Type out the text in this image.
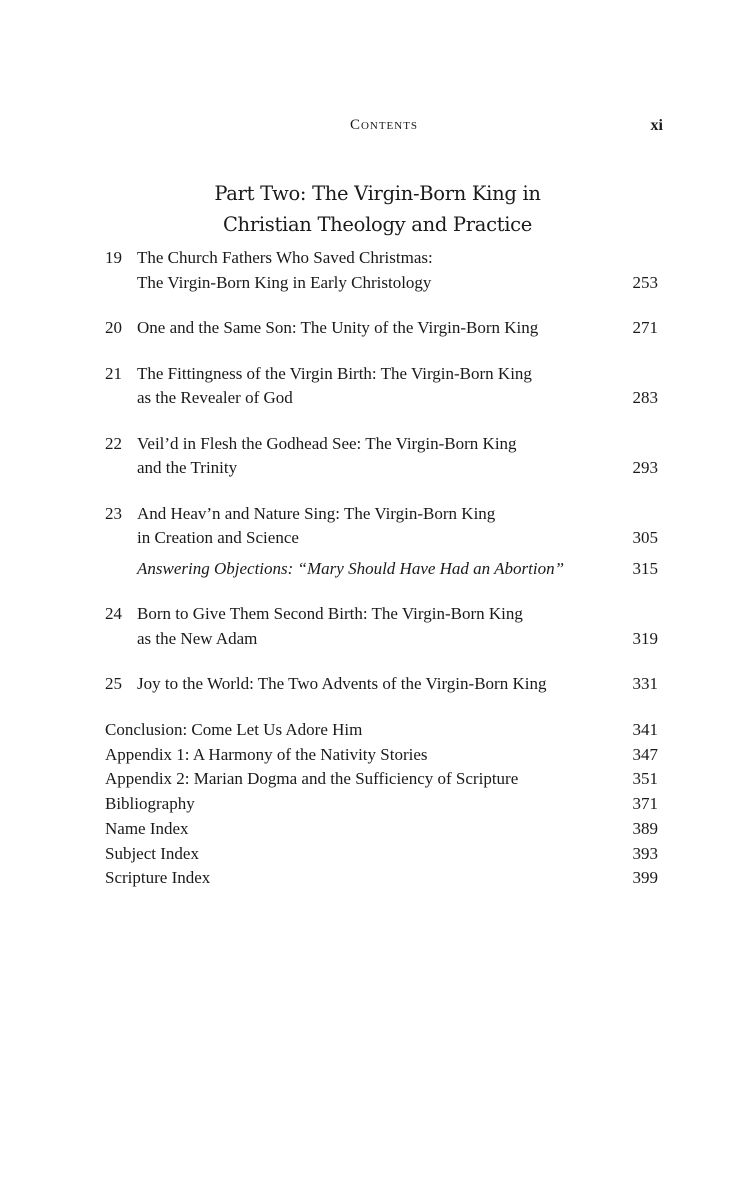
Contents	xi
Part Two: The Virgin-Born King in
Christian Theology and Practice
19 The Church Fathers Who Saved Christmas:
The Virgin-Born King in Early Christology	253
20 One and the Same Son: The Unity of the Virgin-Born King	271
21 The Fittingness of the Virgin Birth: The Virgin-Born King
as the Revealer of God	283
22 Veil’d in Flesh the Godhead See: The Virgin-Born King
and the Trinity	293
23 And Heav’n and Nature Sing: The Virgin-Born King
in Creation and Science	305
Answering Objections: “Mary Should Have Had an Abortion”	315
24 Born to Give Them Second Birth: The Virgin-Born King
as the New Adam	319
25 Joy to the World: The Two Advents of the Virgin-Born King	331
Conclusion: Come Let Us Adore Him	341
Appendix 1: A Harmony of the Nativity Stories	347
Appendix 2: Marian Dogma and the Sufficiency of Scripture	351
Bibliography	371
Name Index	389
Subject Index	393
Scripture Index	399
